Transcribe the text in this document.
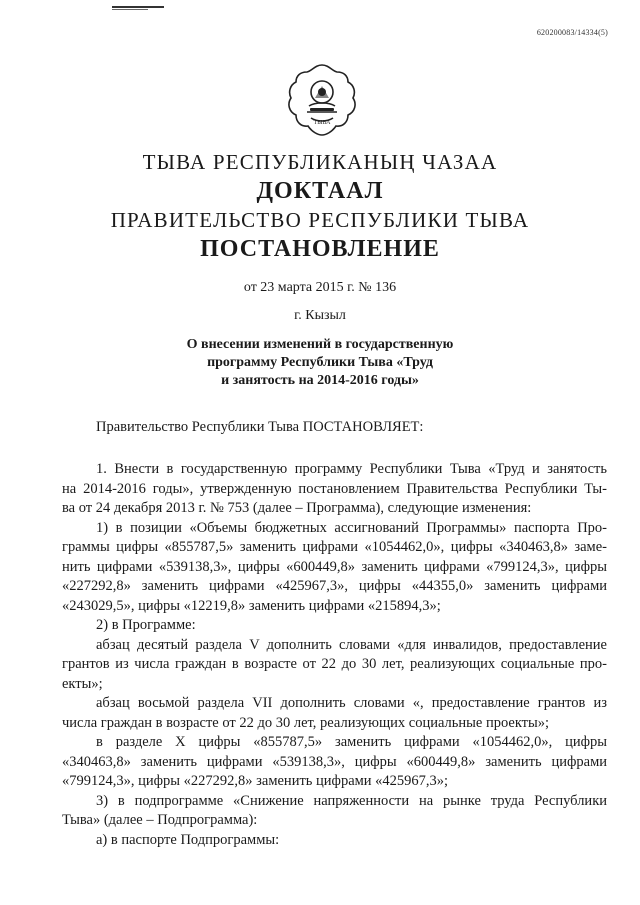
620200083/14334(5)
ТЫВА
ТЫВА РЕСПУБЛИКАНЫҢ ЧАЗАА
ДОКТААЛ
ПРАВИТЕЛЬСТВО РЕСПУБЛИКИ ТЫВА
ПОСТАНОВЛЕНИЕ
от 23 марта 2015 г. № 136
г. Кызыл
О внесении изменений в государственную
программу Республики Тыва «Труд
и занятость на 2014-2016 годы»
Правительство Республики Тыва ПОСТАНОВЛЯЕТ:
1. Внести в государственную программу Республики Тыва «Труд и занятость
на 2014-2016 годы», утвержденную постановлением Правительства Республики Ты-
ва от 24 декабря 2013 г. № 753 (далее – Программа), следующие изменения:
1) в позиции «Объемы бюджетных ассигнований Программы» паспорта Про-
граммы цифры «855787,5» заменить цифрами «1054462,0», цифры «340463,8» заме-
нить цифрами «539138,3», цифры «600449,8» заменить цифрами «799124,3», цифры
«227292,8» заменить цифрами «425967,3», цифры «44355,0» заменить цифрами
«243029,5», цифры «12219,8» заменить цифрами «215894,3»;
2) в Программе:
абзац десятый раздела V дополнить словами «для инвалидов, предоставление
грантов из числа граждан в возрасте от 22 до 30 лет, реализующих социальные про-
екты»;
абзац восьмой раздела VII дополнить словами «, предоставление грантов из
числа граждан в возрасте от 22 до 30 лет, реализующих социальные проекты»;
в разделе X цифры «855787,5» заменить цифрами «1054462,0», цифры
«340463,8» заменить цифрами «539138,3», цифры «600449,8» заменить цифрами
«799124,3», цифры «227292,8» заменить цифрами «425967,3»;
3) в подпрограмме «Снижение напряженности на рынке труда Республики
Тыва» (далее – Подпрограмма):
а) в паспорте Подпрограммы:
